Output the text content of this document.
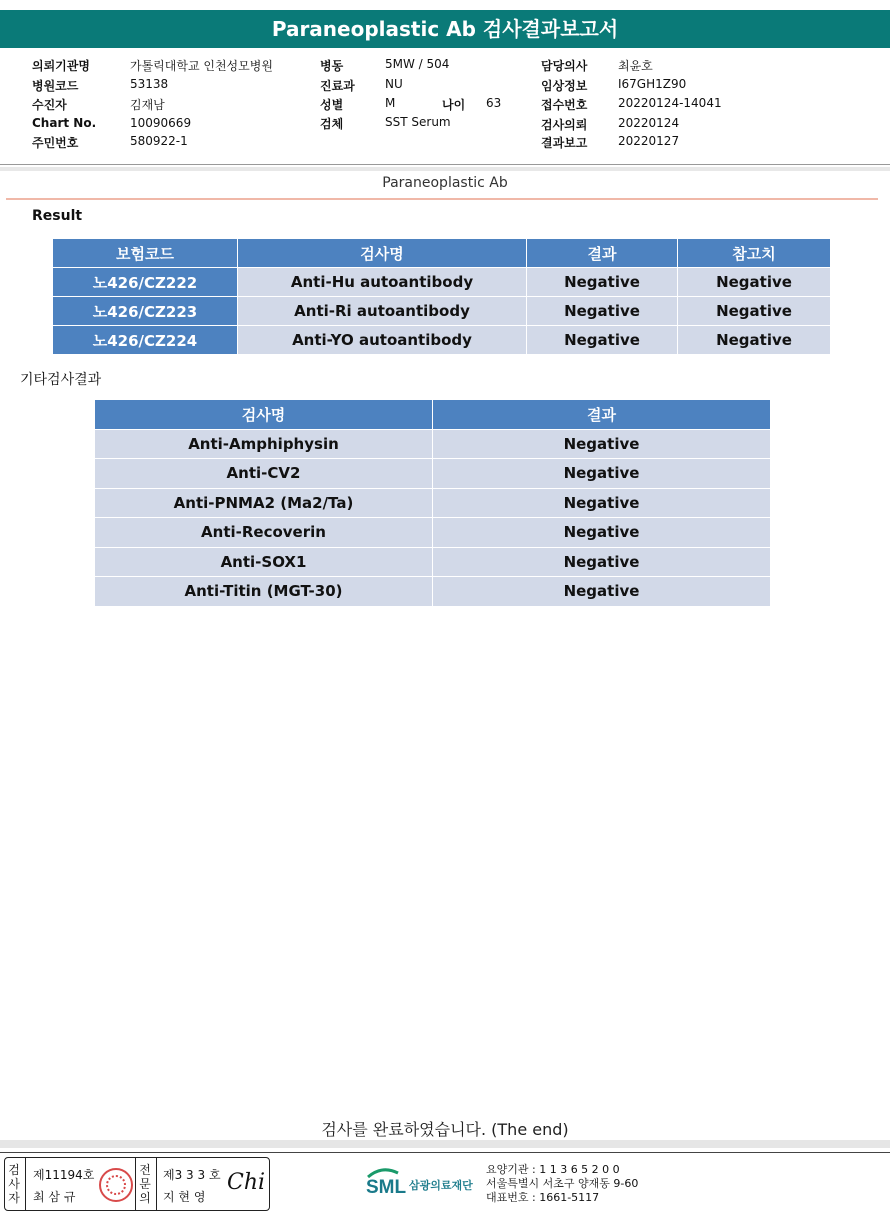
Paraneoplastic Ab 검사결과보고서
의뢰기관명	가톨릭대학교 인천성모병원
병원코드	53138
수진자	김재남
Chart No.	10090669
주민번호	580922-1
병동	5MW / 504
진료과	NU
성별	M	나이 63
검체	SST Serum
담당의사	최윤호
임상정보	I67GH1Z90
접수번호	20220124-14041
검사의뢰	20220124
결과보고	20220127
Paraneoplastic Ab
Result
보험코드	검사명	결과	참고치
노426/CZ222	Anti-Hu autoantibody	Negative	Negative
노426/CZ223	Anti-Ri autoantibody	Negative	Negative
노426/CZ224	Anti-YO autoantibody	Negative	Negative
기타검사결과
검사명	결과
Anti-Amphiphysin	Negative
Anti-CV2	Negative
Anti-PNMA2 (Ma2/Ta)	Negative
Anti-Recoverin	Negative
Anti-SOX1	Negative
Anti-Titin (MGT-30)	Negative
검사를 완료하였습니다. (The end)
검사자
제11194호
최 삼 규
전문의
제3 3 3 호
지 현 영
Chi	SML 삼광의료재단
요양기관 : 1 1 3 6 5 2 0 0
서울특별시 서초구 양재동 9-60
대표번호 : 1661-5117
